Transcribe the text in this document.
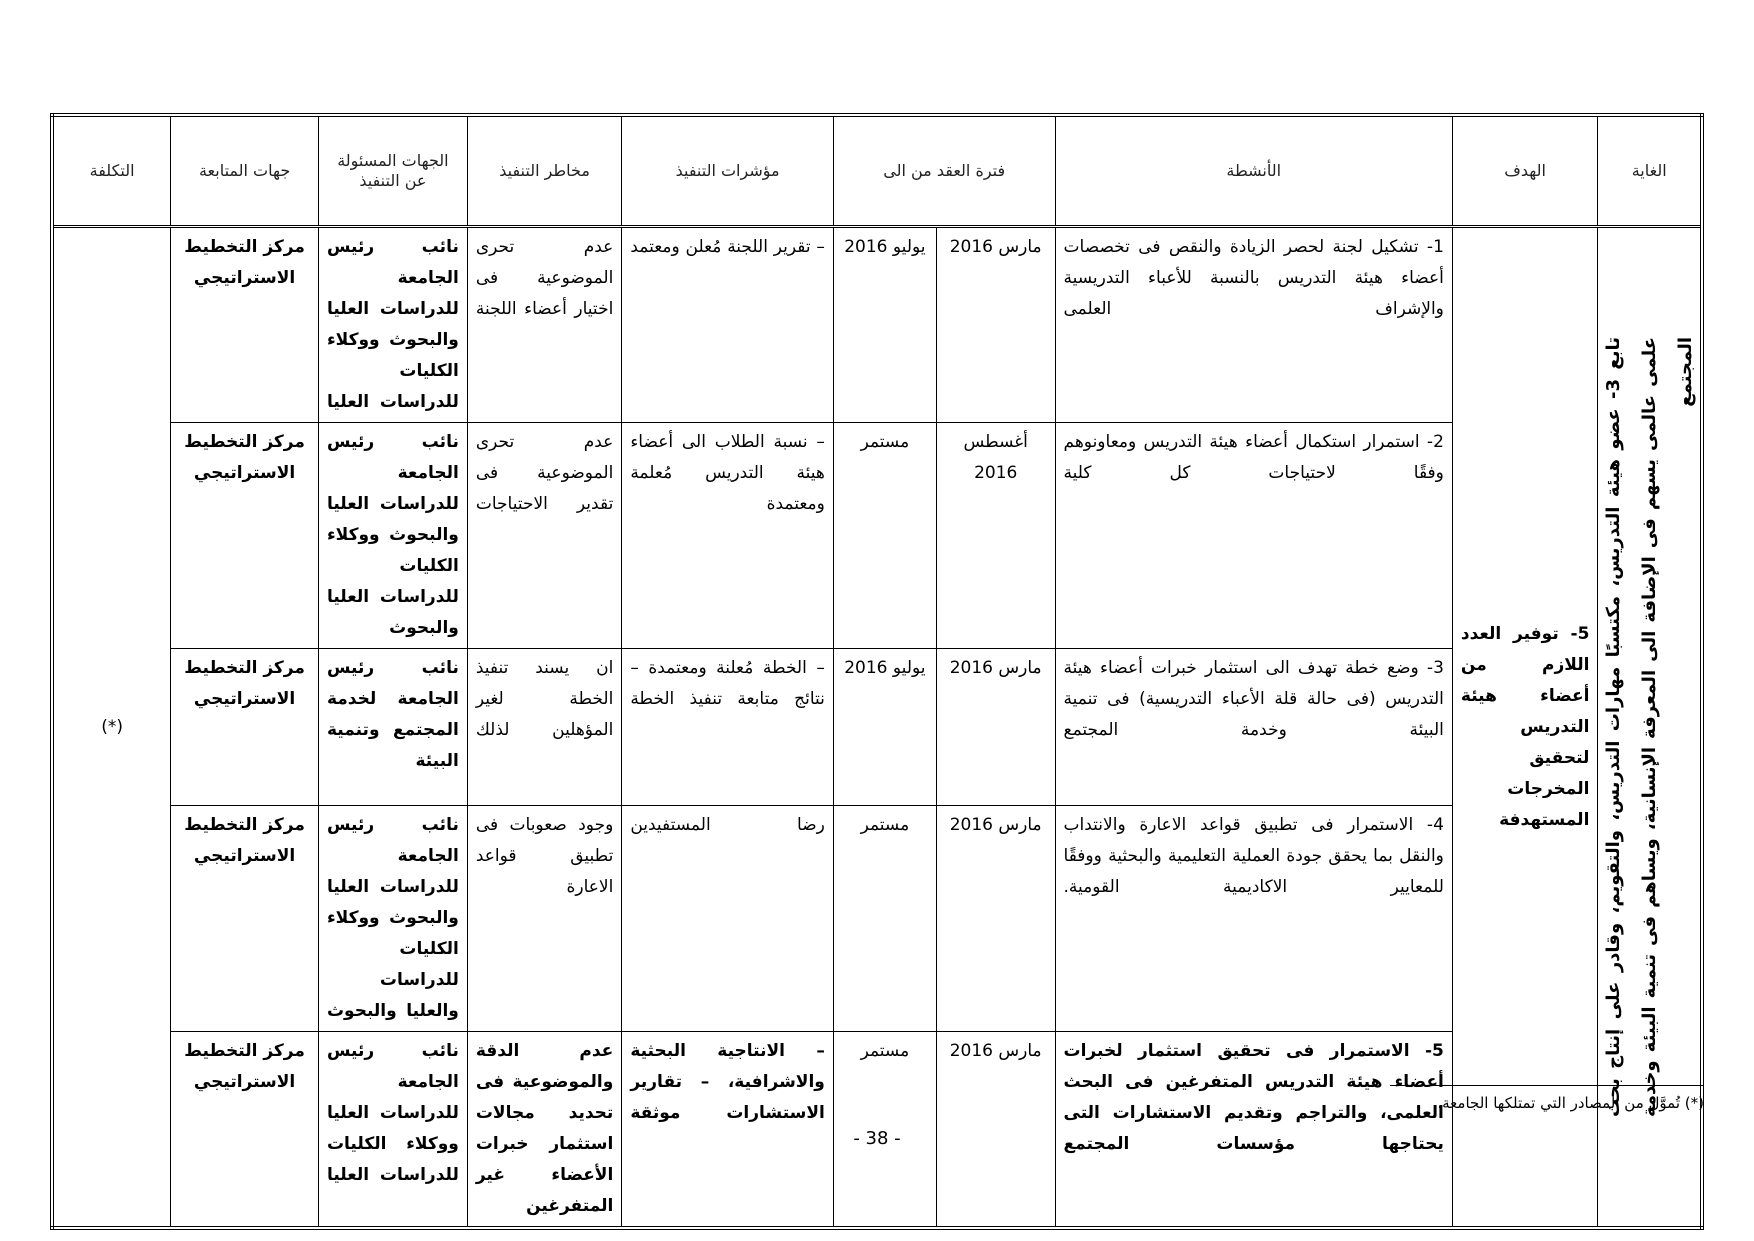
الغاية	الهدف	الأنشطة	فترة العقد من الى		مؤشرات التنفيذ	مخاطر التنفيذ	الجهات المسئولة عن التنفيذ	جهات المتابعة	التكلفة

تابع 3- عضو هيئة التدريس، مكتسبًا مهارات التدريس، والتقويم، وقادر على إنتاج بحث علمى عالمى يسهم فى الإضافة الى المعرفة الإنسانية، ويساهم فى تنمية البيئة وخدمة المجتمع	5- توفير العدد اللازم من أعضاء هيئة التدريس لتحقيق المخرجات المستهدفة	1- تشكيل لجنة لحصر الزيادة والنقص فى تخصصات أعضاء هيئة التدريس بالنسبة للأعباء التدريسية والإشراف العلمى	مارس 2016	يوليو 2016	– تقرير اللجنة مُعلن ومعتمد	عدم تحرى الموضوعية فى اختيار أعضاء اللجنة	نائب رئيس الجامعة للدراسات العليا والبحوث ووكلاء الكليات للدراسات العليا	مركز التخطيط الاستراتيجي	(*)
		2- استمرار استكمال أعضاء هيئة التدريس ومعاونوهم وفقًا لاحتياجات كل كلية	أغسطس 2016	مستمر	– نسبة الطلاب الى أعضاء هيئة التدريس مُعلمة ومعتمدة	عدم تحرى الموضوعية فى تقدير الاحتياجات	نائب رئيس الجامعة للدراسات العليا والبحوث ووكلاء الكليات للدراسات العليا والبحوث	مركز التخطيط الاستراتيجي	
		3- وضع خطة تهدف الى استثمار خبرات أعضاء هيئة التدريس (فى حالة قلة الأعباء التدريسية) فى تنمية البيئة وخدمة المجتمع	مارس 2016	يوليو 2016	– الخطة مُعلنة ومعتمدة – نتائج متابعة تنفيذ الخطة	ان يسند تنفيذ الخطة لغير المؤهلين لذلك	نائب رئيس الجامعة لخدمة المجتمع وتنمية البيئة	مركز التخطيط الاستراتيجي	
		4- الاستمرار فى تطبيق قواعد الاعارة والانتداب والنقل بما يحقق جودة العملية التعليمية والبحثية ووفقًا للمعايير الاكاديمية القومية.	مارس 2016	مستمر	رضا المستفيدين	وجود صعوبات فى تطبيق قواعد الاعارة	نائب رئيس الجامعة للدراسات العليا والبحوث ووكلاء الكليات للدراسات والعليا والبحوث	مركز التخطيط الاستراتيجي	
		5- الاستمرار فى تحقيق استثمار لخبرات أعضاء هيئة التدريس المتفرغين فى البحث العلمى، والتراجم وتقديم الاستشارات التى يحتاجها مؤسسات المجتمع	مارس 2016	مستمر	– الانتاجية البحثية والاشرافية، – تقارير الاستشارات موثقة	عدم الدقة والموضوعية فى تحديد مجالات استثمار خبرات الأعضاء غير المتفرغين	نائب رئيس الجامعة للدراسات العليا ووكلاء الكليات للدراسات العليا	مركز التخطيط الاستراتيجي	
(*) تُموَّل من المصادر التي تمتلكها الجامعة.
- 38 -
